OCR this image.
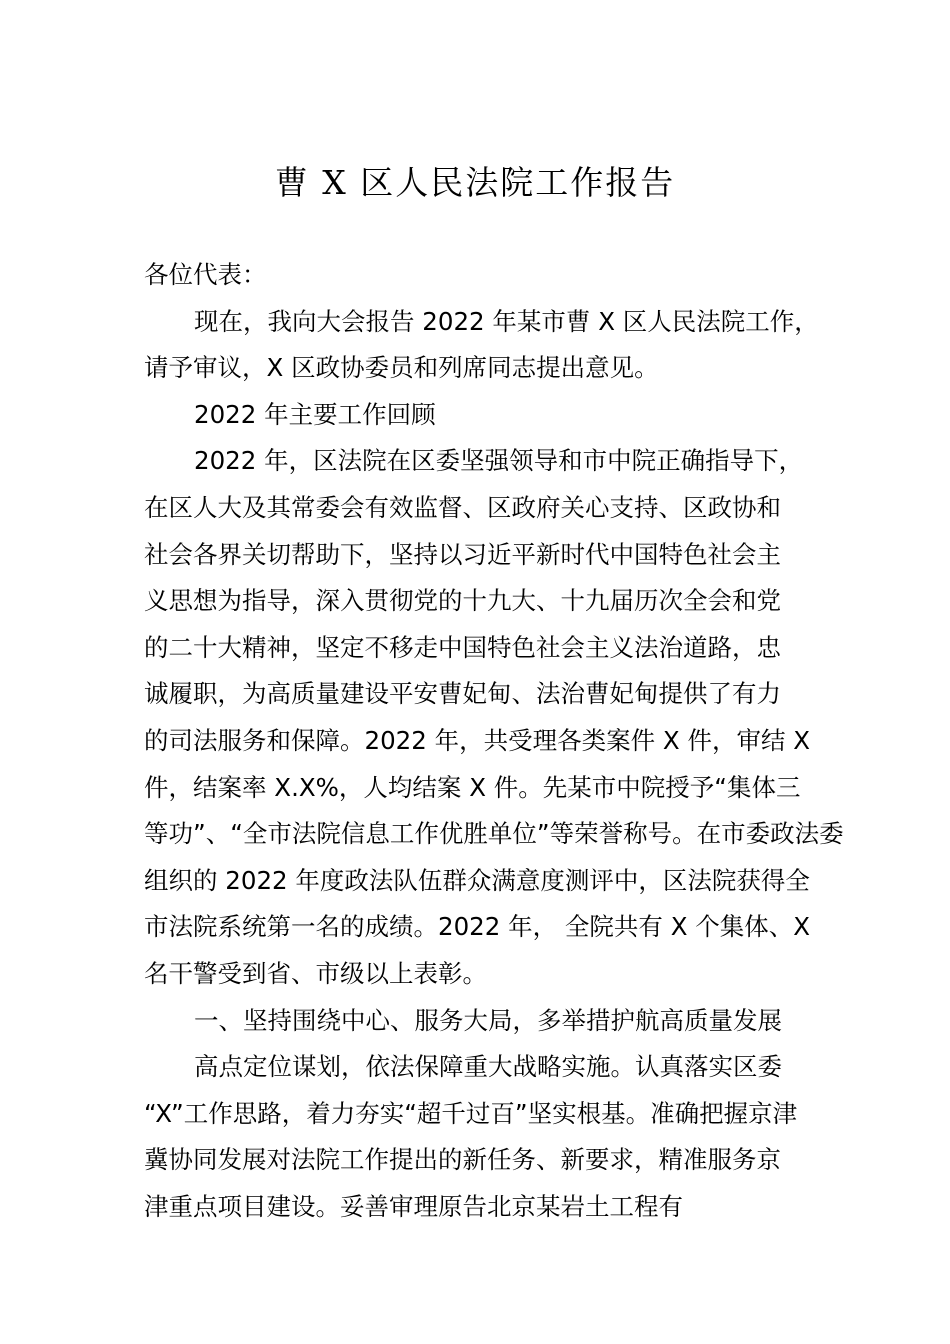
曹 X 区人民法院工作报告
各位代表：
现在，我向大会报告 2022 年某市曹 X 区人民法院工作，
请予审议，X 区政协委员和列席同志提出意见。
2022 年主要工作回顾
2022 年，区法院在区委坚强领导和市中院正确指导下，
在区人大及其常委会有效监督、区政府关心支持、区政协和
社会各界关切帮助下，坚持以习近平新时代中国特色社会主
义思想为指导，深入贯彻党的十九大、十九届历次全会和党
的二十大精神，坚定不移走中国特色社会主义法治道路，忠
诚履职，为高质量建设平安曹妃甸、法治曹妃甸提供了有力
的司法服务和保障。2022 年，共受理各类案件 X 件，审结 X
件，结案率 X.X%，人均结案 X 件。先某市中院授予“集体三
等功”、“全市法院信息工作优胜单位”等荣誉称号。在市委政法委
组织的 2022 年度政法队伍群众满意度测评中，区法院获得全
市法院系统第一名的成绩。2022 年， 全院共有 X 个集体、X
名干警受到省、市级以上表彰。
一、坚持围绕中心、服务大局，多举措护航高质量发展
高点定位谋划，依法保障重大战略实施。认真落实区委
“X”工作思路，着力夯实“超千过百”坚实根基。准确把握京津
冀协同发展对法院工作提出的新任务、新要求，精准服务京
津重点项目建设。妥善审理原告北京某岩土工程有
